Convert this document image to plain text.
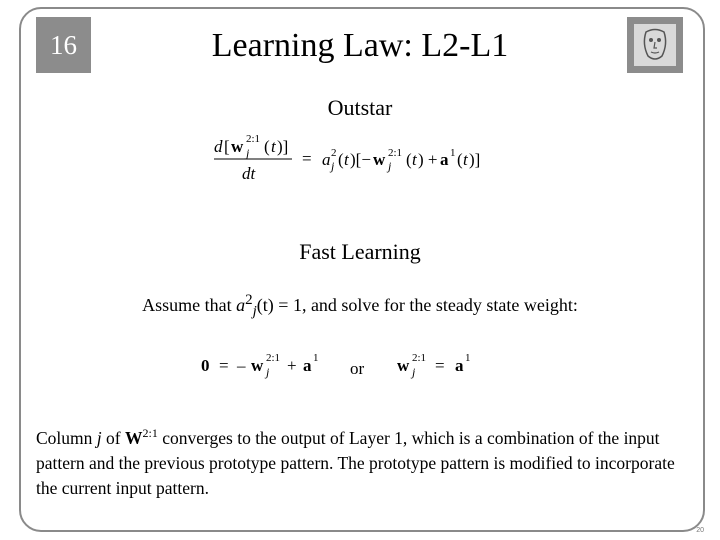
16	Learning Law: L2-L1
Outstar
d [ w j
2:1 ( t )]
dt
= a j
2 ( t )[− w j
2:1 ( t ) + a 1 ( t )]
Fast Learning
Assume that $a^2_j(t) = 1$, and solve for the steady state weight:
0 = – w j
2:1 + a 1
or w j
2:1 = a 1
Column j of $W^{2:1}$ converges to the output of Layer 1, which is a combination of the input pattern and the previous prototype pattern. The prototype pattern is modified to incorporate the current input pattern.
20
